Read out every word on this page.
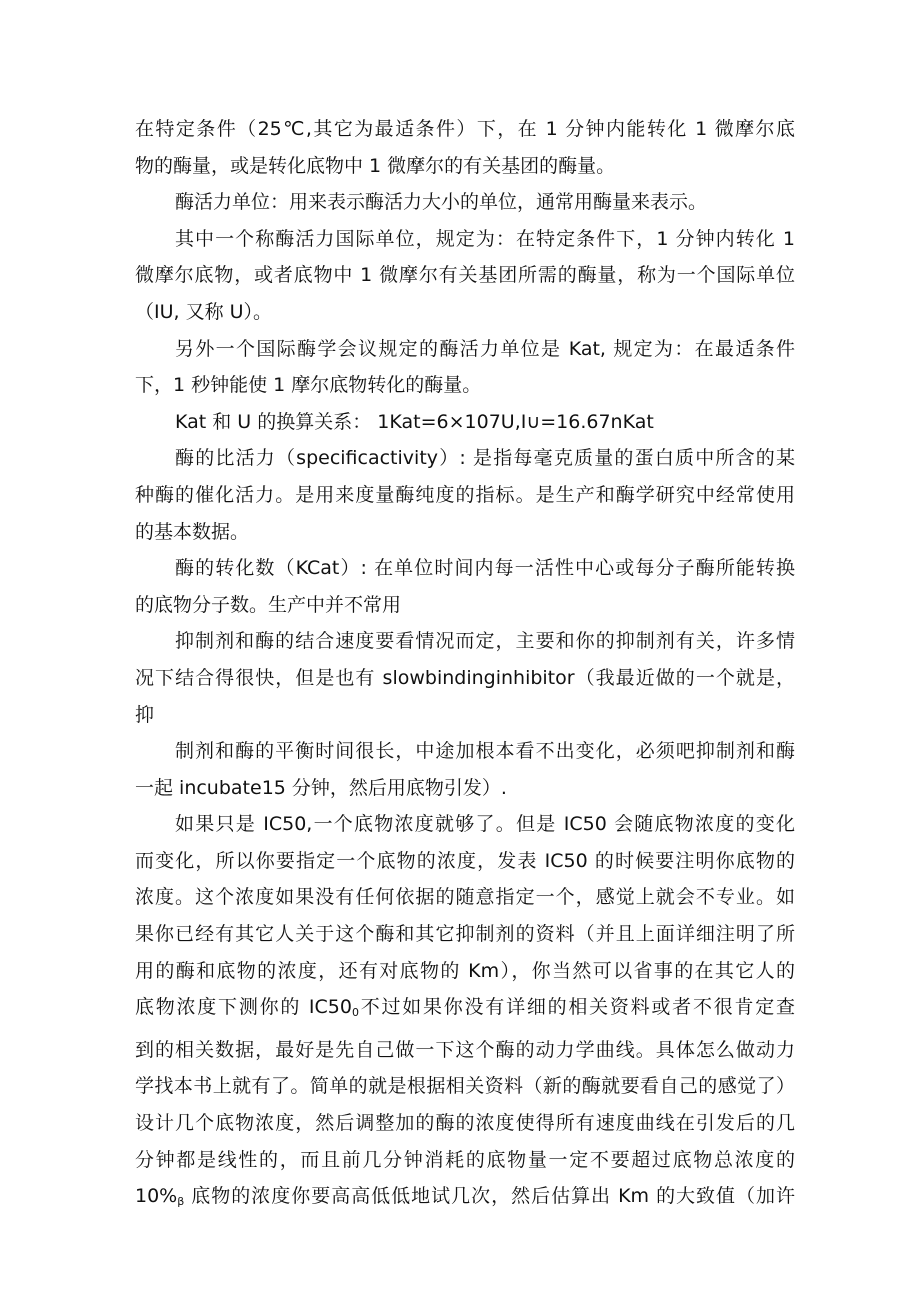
在特定条件（25℃,其它为最适条件）下，在 1 分钟内能转化 1 微摩尔底
物的酶量，或是转化底物中 1 微摩尔的有关基团的酶量。

酶活力单位：用来表示酶活力大小的单位，通常用酶量来表示。

其中一个称酶活力国际单位，规定为：在特定条件下，1 分钟内转化 1
微摩尔底物，或者底物中 1 微摩尔有关基团所需的酶量，称为一个国际单位
（IU, 又称 U）。

另外一个国际酶学会议规定的酶活力单位是 Kat, 规定为：在最适条件
下，1 秒钟能使 1 摩尔底物转化的酶量。

Kat 和 U 的换算关系： 1Kat=6×107U,I∪=16.67nKat

酶的比活力（specificactivity）: 是指每毫克质量的蛋白质中所含的某
种酶的催化活力。是用来度量酶纯度的指标。是生产和酶学研究中经常使用
的基本数据。

酶的转化数（KCat）: 在单位时间内每一活性中心或每分子酶所能转换
的底物分子数。生产中并不常用

抑制剂和酶的结合速度要看情况而定，主要和你的抑制剂有关，许多情
况下结合得很快，但是也有 slowbindinginhibitor（我最近做的一个就是，
抑

制剂和酶的平衡时间很长，中途加根本看不出变化，必须吧抑制剂和酶
一起 incubate15 分钟，然后用底物引发）.

如果只是 IC50,一个底物浓度就够了。但是 IC50 会随底物浓度的变化
而变化，所以你要指定一个底物的浓度，发表 IC50 的时候要注明你底物的
浓度。这个浓度如果没有任何依据的随意指定一个，感觉上就会不专业。如
果你已经有其它人关于这个酶和其它抑制剂的资料（并且上面详细注明了所
用的酶和底物的浓度，还有对底物的 Km），你当然可以省事的在其它人的
底物浓度下测你的 $IC50_0$不过如果你没有详细的相关资料或者不很肯定查
到的相关数据，最好是先自己做一下这个酶的动力学曲线。具体怎么做动力
学找本书上就有了。简单的就是根据相关资料（新的酶就要看自己的感觉了）
设计几个底物浓度，然后调整加的酶的浓度使得所有速度曲线在引发后的几
分钟都是线性的，而且前几分钟消耗的底物量一定不要超过底物总浓度的
$10\%_\beta$ 底物的浓度你要高高低低地试几次，然后估算出 Km 的大致值（加许
